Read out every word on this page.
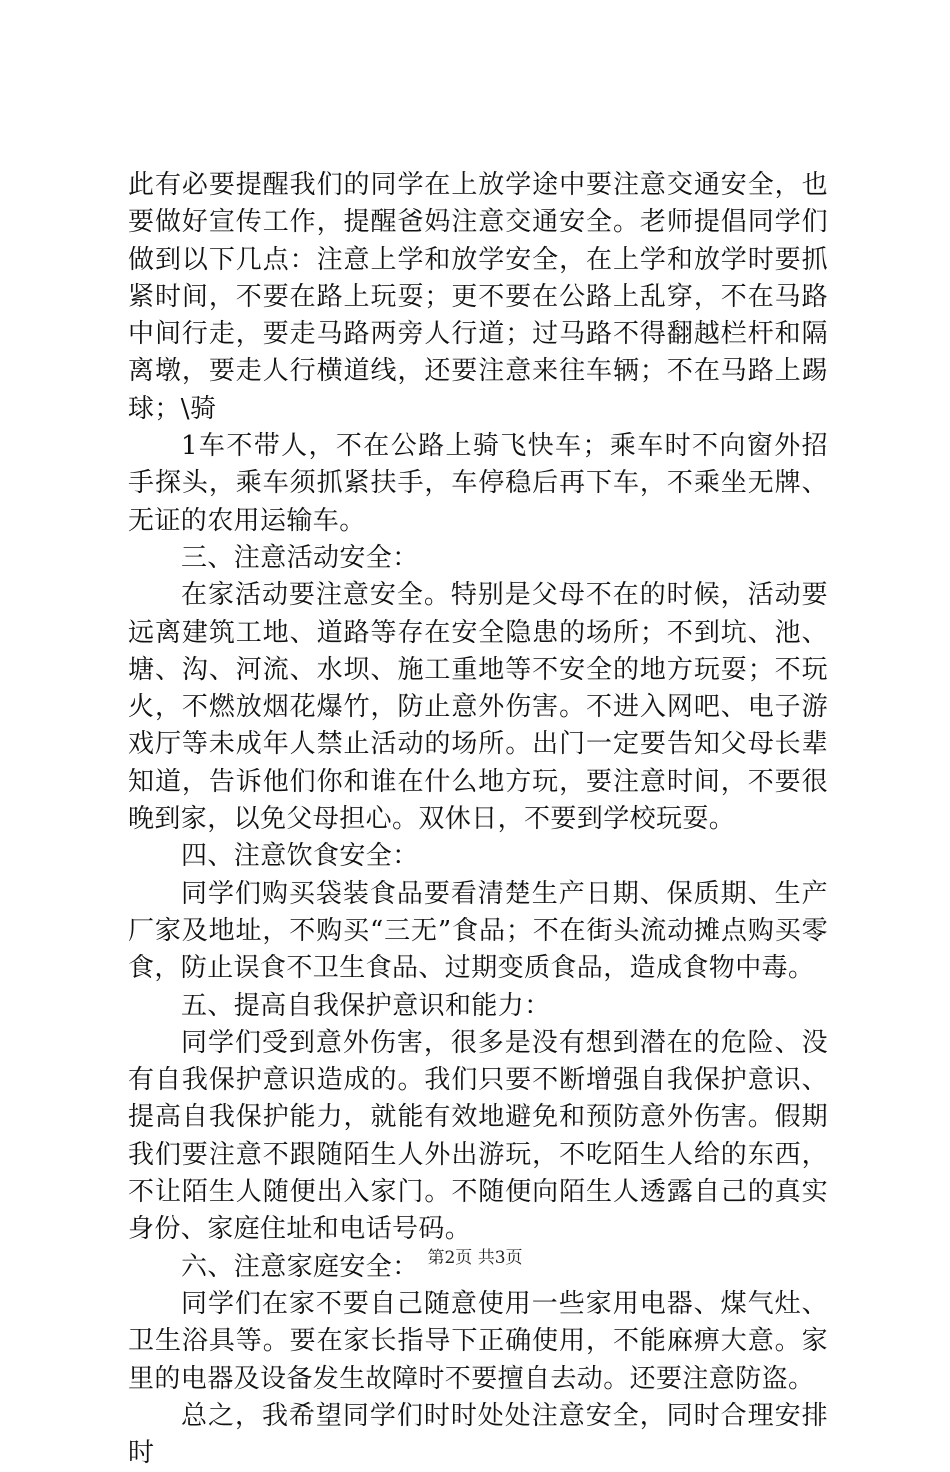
此有必要提醒我们的同学在上放学途中要注意交通安全，也要做好宣传工作，提醒爸妈注意交通安全。老师提倡同学们做到以下几点：注意上学和放学安全，在上学和放学时要抓紧时间，不要在路上玩耍；更不要在公路上乱穿，不在马路中间行走，要走马路两旁人行道；过马路不得翻越栏杆和隔离墩，要走人行横道线，还要注意来往车辆；不在马路上踢球；\骑

1车不带人，不在公路上骑飞快车；乘车时不向窗外招手探头，乘车须抓紧扶手，车停稳后再下车，不乘坐无牌、无证的农用运输车。

三、注意活动安全：

在家活动要注意安全。特别是父母不在的时候，活动要远离建筑工地、道路等存在安全隐患的场所；不到坑、池、塘、沟、河流、水坝、施工重地等不安全的地方玩耍；不玩火，不燃放烟花爆竹，防止意外伤害。不进入网吧、电子游戏厅等未成年人禁止活动的场所。出门一定要告知父母长辈知道，告诉他们你和谁在什么地方玩，要注意时间，不要很晚到家，以免父母担心。双休日，不要到学校玩耍。

四、注意饮食安全：

同学们购买袋装食品要看清楚生产日期、保质期、生产厂家及地址，不购买“三无”食品；不在街头流动摊点购买零食，防止误食不卫生食品、过期变质食品，造成食物中毒。

五、提高自我保护意识和能力：

同学们受到意外伤害，很多是没有想到潜在的危险、没有自我保护意识造成的。我们只要不断增强自我保护意识、提高自我保护能力，就能有效地避免和预防意外伤害。假期我们要注意不跟随陌生人外出游玩，不吃陌生人给的东西，不让陌生人随便出入家门。不随便向陌生人透露自己的真实身份、家庭住址和电话号码。

六、注意家庭安全：

同学们在家不要自己随意使用一些家用电器、煤气灶、卫生浴具等。要在家长指导下正确使用，不能麻痹大意。家里的电器及设备发生故障时不要擅自去动。还要注意防盗。

总之，我希望同学们时时处处注意安全，同时合理安排时

第2页 共3页
